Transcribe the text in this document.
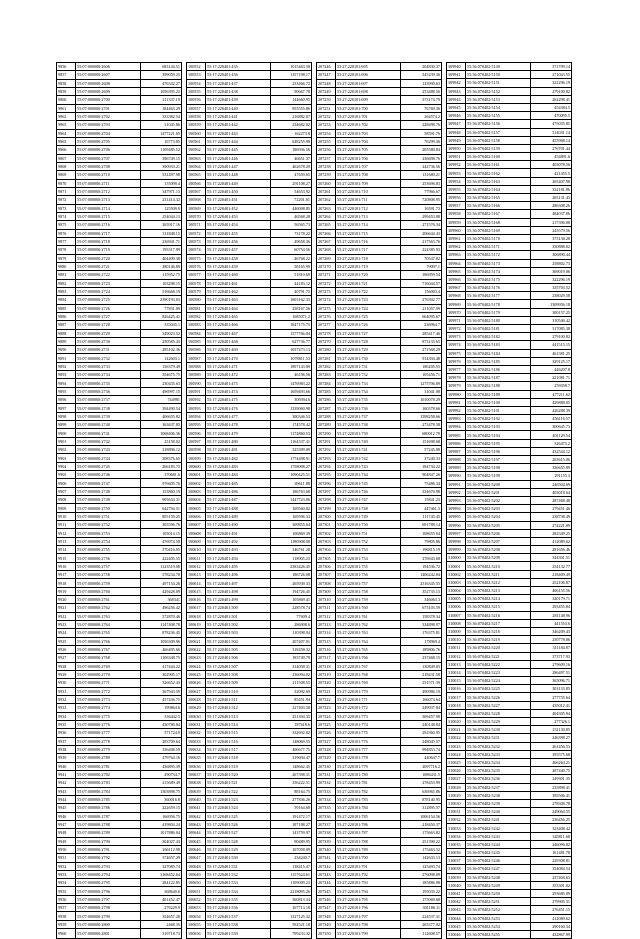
9856	55:07:000000:2606	683144.51
9857	55:07:000000:2607	399059.25
9858	55:07:000000:2608	476342.27
9859	55:07:000000:2609	1056395.22
9860	55:07:000000:2700	211337.19
9861	55:07:000000:2701	184463.29
9862	55:07:000000:2702	333382.54
9863	55:07:000000:2703	31045.86
9864	55:07:000000:2704	1477221.05
9865	55:07:000000:2705	16773.85
9866	55:07:000000:2706	1109485.52
9867	55:07:000000:2707	396749.15
9868	55:07:000000:2708	390933.21
9869	55:07:000000:2710	531497.98
9870	55:07:000000:2711	155099.4
9871	55:07:000000:2712	347971.13
9872	55:07:000000:2713	231414.32
9873	55:07:000000:2714	125509.9
9874	55:07:000000:2715	254044.13
9875	55:07:000000:2716	265917.16
9876	55:07:000000:2717	311848.15
9877	55:07:000000:2718	236941.71
9878	55:07:000000:2719	195317.99
9879	55:07:000000:2720	404409.38
9880	55:07:000000:2721	380146.89
9881	55:07:000000:2722	115952.75
9882	55:07:000000:2723	103298.15
9883	55:07:000000:2724	516668.19
9884	55:07:000000:2725	2390193.03
9885	55:07:000000:2726	77831.09
9886	55:07:000000:2727	826425.41
9887	55:07:000000:2728	335045.1
9888	55:07:000000:2729	349023.52
9889	55:07:000000:2730	250585.43
9890	55:07:000000:2731	285102.36
9891	55:07:000000:2732	142603.1
9892	55:07:000000:2733	156379.49
9893	55:07:000000:2734	354675.75
9894	55:07:000000:2735	230435.63
9895	55:07:000000:2736	496997.15
9896	55:07:000000:2737	744981
9897	55:07:000000:2738	394490.54
9898	55:07:000000:2739	406655.82
9899	55:07:000000:2740	363637.85
9900	55:07:000000:2741	1068406.36
9901	55:07:000000:2742	25158.02
9902	55:07:000000:2743	218896.12
9903	55:07:000000:2744	308376.65
9904	55:07:000000:2745	266183.75
9905	55:07:000000:2746	370681.6
9906	55:07:000000:2747	976605.76
9907	55:07:000000:2748	153860.19
9908	55:07:000000:2749	905654.31
9909	55:07:000000:2750	642794.51
9910	55:07:000000:2751	805159.25
9911	55:07:000000:2752	305596.76
9912	55:07:000000:2753	105014.15
9913	55:07:000000:2754	476974.58
9914	55:07:000000:2755	570416.95
9915	55:07:000000:2756	422405.55
9916	55:07:000000:2757	1123519.08
9917	55:07:000000:2758	578234.78
9918	55:07:000000:2759	497154.26
9919	55:07:000000:2760	429428.09
9920	55:07:000000:2761	368341
9921	55:07:000000:2762	496256.42
9922	55:07:000000:2763	572870.46
9923	55:07:000000:2764	1147408.78
9924	55:07:000000:2765	878236.45
9925	55:07:000000:2766	1056309.96
9926	55:07:000000:2767	466495.66
9927	55:07:000000:2768	1106348.75
9928	55:07:000000:2769	417444.22
9929	55:07:000000:2770	302905.17
9930	55:07:000000:2771	326652.43
9931	55:07:000000:2772	367943.59
9932	55:07:000000:2773	457436.75
9933	55:07:000000:2774	199864.6
9934	55:07:000000:2775	336442.5
9935	55:07:000000:2776	430780.84
9936	55:07:000000:2777	571724.9
9937	55:07:000000:2778	283709.64
9938	55:07:000000:2779	356408.59
9939	55:07:000000:2780	479764.16
9940	55:07:000000:2781	436895.39
9941	55:07:000000:2782	290734.7
9942	55:07:000000:2783	215689.49
9943	55:07:000000:2784	1503898.75
9944	55:07:000000:2785	360016.8
9945	55:07:000000:2786	222659.15
9946	55:07:000000:2787	166956.75
9947	55:07:000000:2788	419804.24
9948	55:07:000000:2789	1017886.04
9949	55:07:000000:2790	304027.43
9950	55:07:000000:2791	266112.98
9951	55:07:000000:2792	374657.29
9952	55:07:000000:2793	327085.74
9953	55:07:000000:2794	3168452.64
9954	55:07:000000:2795	284122.85
9955	55:07:000000:2796	368640.6
9956	55:07:000000:2797	401452.47
9957	55:07:000000:2798	276229.9
9958	55:07:000000:2799	354657.28
9959	55:07:000000:2800	2468.35
9960	55:07:000000:2801	319718.73
100552	55:17:220401:435	1015463.58
100553	55:17:220401:436	1357198.17
100554	55:17:220401:437	233466.72
100555	55:17:220401:438	90667.78
100556	55:17:220401:439	144660.95
100557	55:17:220401:440	955555.86
100558	55:17:220401:441	216882.07
100559	55:17:220401:442	234682.02
100560	55:17:220401:443	162273.8
100561	55:17:220401:444	648255.98
100562	55:17:220401:445	186936.56
100563	55:17:220401:446	46651.37
100564	55:17:220401:447	462678.29
100565	55:17:220401:448	47659.65
100566	55:17:220401:449	291108.27
100567	55:17:220401:450	54653.92
100568	55:17:220401:451	72201.01
100569	55:17:220401:452	446008.85
100570	55:17:220401:453	46568.28
100571	55:17:220401:454	56565.73
100572	55:17:220401:455	73178.22
100573	55:17:220401:456	49658.36
100574	55:17:220401:457	60754.56
100575	55:17:220401:458	46768.22
100576	55:17:220401:459	58165.99
100577	55:17:220401:460	51810.69
100578	55:17:220401:461	44183.12
100579	55:17:220401:462	40791.75
100580	55:17:220401:463	1603162.33
100581	55:17:220401:464	258167.56
100582	55:17:220401:465	1085071.2
100583	55:17:220401:466	1847175.75
100584	55:17:220401:467	1577766.84
100585	55:17:220401:468	627736.77
100586	55:17:220401:469	1057473.13
100587	55:17:220401:470	1078811.53
100588	55:17:220401:471	1897143.89
100589	55:17:220401:472	46196.56
100590	55:17:220401:473	1476983.22
100591	55:17:220401:474	1659493.66
100592	55:17:220401:475	309394.6
100593	55:17:220401:476	1339060.98
100594	55:17:220401:477	300346.53
100595	55:17:220401:478	174578.42
100596	55:17:220401:479	1174860.53
100597	55:17:220401:480	1164337.41
100598	55:17:220401:481	325399.09
100599	55:17:220401:482	1774498.91
100600	55:17:220401:483	1758098.27
100601	55:17:220401:484	1090425.51
100602	55:17:220401:485	49611.88
100603	55:17:220401:486	186763.68
100604	55:17:220401:487	1447723.06
100605	55:17:220401:488	169560.82
100606	55:17:220401:489	169596.33
100607	55:17:220401:490	309855.64
100608	55:17:220401:491	106869.39
100609	55:17:220401:492	1180908.08
100610	55:17:220401:493	346761.28
100611	55:17:220401:494	118905.23
100612	55:17:220401:495	2383426.45
100613	55:17:220401:496	186726.08
100614	55:17:220401:497	265939.33
100615	55:17:220401:498	194726.45
100616	55:17:220401:499	105869.41
100617	55:17:220401:500	228578.74
100618	55:17:220401:501	77609.4
100619	55:17:220401:502	286908.6
100620	55:17:220401:503	110398.94
100621	55:17:220401:504	207407.01
100622	55:17:220401:505	318458.32
100623	55:17:220401:506	183749.79
100624	55:17:220401:507	314058.31
100625	55:17:220401:508	236094.02
100626	55:17:220401:509	211508.55
100627	55:17:220401:510	32092.69
100628	55:17:220401:511	85451.94
100629	55:17:220401:512	227403.58
100630	55:17:220401:513	251394.35
100631	55:17:220401:514	187618.6
100632	55:17:220401:515	332692.82
100633	55:17:220401:516	148069.55
100634	55:17:220401:517	406677.75
100635	55:17:220401:518	219694.47
100636	55:17:220401:519	148662.45
100637	55:17:220401:520	267398.31
100638	55:17:220401:521	356222.51
100639	55:17:220401:522	88164.75
100640	55:17:220401:523	277836.26
100641	55:17:220401:524	59164.68
100642	55:17:220401:525	191472.17
100643	55:17:220401:526	187188.27
100644	55:17:220401:527	143759.97
100645	55:17:220401:528	90489.95
100646	55:17:220401:529	107058.09
100647	55:17:220401:530	234240.7
100648	55:17:220401:531	138415.47
100649	55:17:220401:532	1157624.61
100650	55:17:220401:533	1199009.23
100651	55:17:220401:534	2218095.26
100652	55:17:220401:535	360813.34
100653	55:17:220401:536	167713.18
100654	55:17:220401:537	1327125.32
100655	55:17:220401:538	592521.18
100656	55:17:220401:539	799233.32
207246	55:27:220101:695	204830.37
207247	55:27:220101:696	345239.36
207248	55:27:220101:697	123990.63
207249	55:27:220101:698	253488.56
207250	55:27:220101:699	373174.79
207251	55:27:220101:700	76769.36
207252	55:27:220101:701	264574.2
207253	55:27:220101:702	228498.76
207254	55:27:220101:703	58591.76
207255	55:27:220101:704	76299.36
207256	55:27:220101:705	205580.84
207257	55:27:220101:706	236698.76
207258	55:27:220101:707	242736.56
207259	55:27:220101:708	131680.21
207260	55:27:220101:709	253696.83
207261	55:27:220101:710	77966.67
207262	55:27:220101:711	720808.95
207263	55:27:220101:712	16591.73
207264	55:27:220101:713	299453.88
207265	55:27:220101:714	271576.34
207266	55:27:220101:715	206644.43
207267	55:27:220101:716	217563.76
207268	55:27:220101:717	224385.93
207269	55:27:220101:718	70547.82
207270	55:27:220101:719	79097.1
207271	55:27:220101:720	186959.54
207272	55:27:220101:721	716044.57
207273	55:27:220101:722	156003.4
207274	55:27:220101:723	276392.77
207275	55:27:220101:724	211057.99
207276	55:27:220101:725	664095.67
207277	55:27:220101:726	236964.7
207278	55:27:220101:727	285417.46
207279	55:27:220101:728	873133.65
207280	55:27:220101:729	271568.29
207281	55:27:220101:730	914394.48
207282	55:27:220101:731	186205.55
207283	55:27:220101:732	105456.71
207284	55:27:220101:733	1275706.89
207285	55:27:220101:734	31041.08
207286	55:27:220101:735	1010078.29
207287	55:27:220101:736	160378.66
207288	55:27:220101:737	1598258.66
207289	55:27:220101:738	273478.58
207290	55:27:220101:739	680012.79
207291	55:27:220101:740	151698.68
207292	55:27:220101:741	57245.88
207293	55:27:220101:742	37240.33
207294	55:27:220101:743	184734.22
207295	55:27:220101:744	904847.26
207296	55:27:220101:745	75486.34
207297	55:27:220101:746	334670.98
207298	55:27:220101:747	15841.23
207299	55:27:220101:748	447461.3
207300	55:27:220101:749	111745.45
207301	55:27:220101:750	691788.14
207302	55:27:220101:751	108655.04
207303	55:27:220101:752	79805.86
207304	55:27:220101:753	196815.19
207305	55:27:220101:754	276943.68
207306	55:27:220101:755	194536.72
207307	55:27:220101:756	1406242.04
207308	55:27:220101:757	2516345.55
207309	55:27:220101:758	352735.13
207310	55:27:220101:759	346063.3
207311	55:27:220101:760	673103.59
207312	55:27:220101:761	158378.34
207313	55:27:220101:762	334898.97
207314	55:27:220101:763	176375.81
207315	55:27:220101:764	178969.4
207316	55:27:220101:765	189806.76
207317	55:27:220101:766	237468.15
207318	55:27:220101:767	130849.05
207319	55:27:220101:768	218431.58
207320	55:27:220101:769	251571.39
207321	55:27:220101:770	490986.19
207322	55:27:220101:771	166074.64
207323	55:27:220101:772	249937.84
207324	55:27:220101:773	369457.98
207325	55:27:220101:774	240148.84
207326	55:27:220101:775	292360.95
207327	55:27:220101:776	248045.57
207328	55:27:220101:777	994853.74
207329	55:27:220101:778	440647.7
207330	55:27:220101:779	2097716.2
207331	55:27:220101:780	1086431.5
207332	55:27:220101:781	278453.99
207333	55:27:220101:782	636965.86
207334	55:27:220101:783	878140.95
207335	55:27:220101:784	312895.57
207336	55:27:220101:785	1006154.56
207337	55:27:220101:786	218450.37
207338	55:27:220101:787	175663.82
207339	55:27:220101:788	251390.22
207340	55:27:220101:789	175463.52
207341	55:27:220101:790	142633.13
207342	55:27:220101:791	125493.74
207343	55:27:220101:792	276098.09
207344	55:27:220101:793	185886.98
207345	55:27:220101:794	195035.22
207346	55:27:220101:795	175069.68
207347	55:27:220101:796	301186.11
207348	55:27:220101:797	224537.31
207349	55:27:220101:798	265377.02
207350	55:27:220101:799	112608.57
309940	55:36:070402:5149	371709.14
309941	55:36:070402:5150	271043.55
309942	55:36:070402:5151	322296.19
309943	55:36:070402:5152	279100.82
309944	55:36:070402:5153	262298.41
309945	55:36:070402:5154	454384.5
309946	55:36:070402:5155	470095.5
309947	55:36:070402:5156	475035.85
309948	55:36:070402:5157	514031.14
309949	55:36:070402:5158	455968.14
309950	55:36:070402:5159	276701.44
309951	55:36:070402:5160	454891.6
309952	55:36:070402:5161	403078.56
309953	55:36:070402:5162	421455.5
309954	55:36:070402:5163	265407.98
309955	55:36:070402:5164	332181.96
309956	55:36:070402:5165	265131.43
309957	55:36:070402:5166	286308.26
309958	55:36:070402:5167	484037.06
309959	55:36:070402:5168	217396.08
309960	55:36:070402:5169	245579.56
309961	55:36:070402:5170	375136.28
309962	55:36:070402:5171	350888.02
309963	55:36:070402:5172	306890.44
309964	55:36:070402:5173	258802.73
309965	55:36:070402:5174	369019.06
309966	55:36:070402:5175	322296.19
309967	55:36:070402:5176	335703.52
309968	55:36:070402:5177	238029.58
309969	55:36:070402:5178	1309956.18
309970	55:36:070402:5179	300157.25
309971	55:36:070402:5180	310546.42
309972	55:36:070402:5181	317085.38
309973	55:36:070402:5182	279100.82
309974	55:36:070402:5183	441515.15
309975	55:36:070402:5184	461381.25
309976	55:36:070402:5185	329125.17
309977	55:36:070402:5186	446207.8
309978	55:36:070402:5187	221081.71
309979	55:36:070402:5188	259358.7
309980	55:36:070402:5189	477211.62
309981	55:36:070402:5190	429888.05
309982	55:36:070402:5191	426288.39
309983	55:36:070402:5192	456116.57
309984	55:36:070402:5193	300645.73
309985	55:36:070402:5194	401129.54
309986	55:36:070402:5195	326473.2
309987	55:36:070402:5196	432544.12
309988	55:36:070402:5197	263615.06
309989	55:36:070402:5198	336655.89
309990	55:36:070402:5199	291155.3
309991	55:36:070402:5200	246504.69
309992	55:36:070402:5201	403018.64
309993	55:36:070402:5202	287468.48
309994	55:36:070402:5203	279451.46
309995	55:36:070402:5204	238738.49
309996	55:36:070402:5205	274221.09
309997	55:36:070402:5206	282349.25
309998	55:36:070402:5207	412089.62
309999	55:36:070402:5208	281656.46
310000	55:36:070402:5209	344301.51
310001	55:36:070402:5210	254132.77
310002	55:36:070402:5211	218409.49
310003	55:36:070402:5212	252106.87
310004	55:36:070402:5213	466155.56
310005	55:36:070402:5214	320179.71
310006	55:36:070402:5215	293455.84
310007	55:36:070402:5216	281148.96
310008	55:36:070402:5217	441553.6
310009	55:36:070402:5218	346209.43
310010	55:36:070402:5219	250778.06
310011	55:36:070402:5220	311184.87
310012	55:36:070402:5221	373717.93
310013	55:36:070402:5222	279609.16
310014	55:36:070402:5223	286497.51
310015	55:36:070402:5224	365096.71
310016	55:36:070402:5225	303133.85
310017	55:36:070402:5226	277755.64
310018	55:36:070402:5227	435012.41
310019	55:36:070402:5228	404305.94
310020	55:36:070402:5229	277326.1
310021	55:36:070402:5230	231130.85
310022	55:36:070402:5231	246398.27
310023	55:36:070402:5232	261456.53
310024	55:36:070402:5233	395575.68
310025	55:36:070402:5234	466264.21
310026	55:36:070402:5235	287440.75
310027	55:36:070402:5236	249301.35
310028	55:36:070402:5237	235898.41
310029	55:36:070402:5238	395506.41
310030	55:36:070402:5239	278308.78
310031	55:36:070402:5240	249064.55
310032	55:36:070402:5241	236456.25
310033	55:36:070402:5242	323408.42
310034	55:36:070402:5243	345811.68
310035	55:36:070402:5244	246096.82
310036	55:36:070402:5245	161481.78
310037	55:36:070402:5246	229308.81
310038	55:36:070402:5247	354084.54
310039	55:36:070402:5248	237404.63
310040	55:36:070402:5249	353301.02
310041	55:36:070402:5250	293685.09
310042	55:36:070402:5251	279905.31
310043	55:36:070402:5252	276451.15
310044	55:36:070402:5253	412089.62
310045	55:36:070402:5254	290160.34
310046	55:36:070402:5255	432867.99
